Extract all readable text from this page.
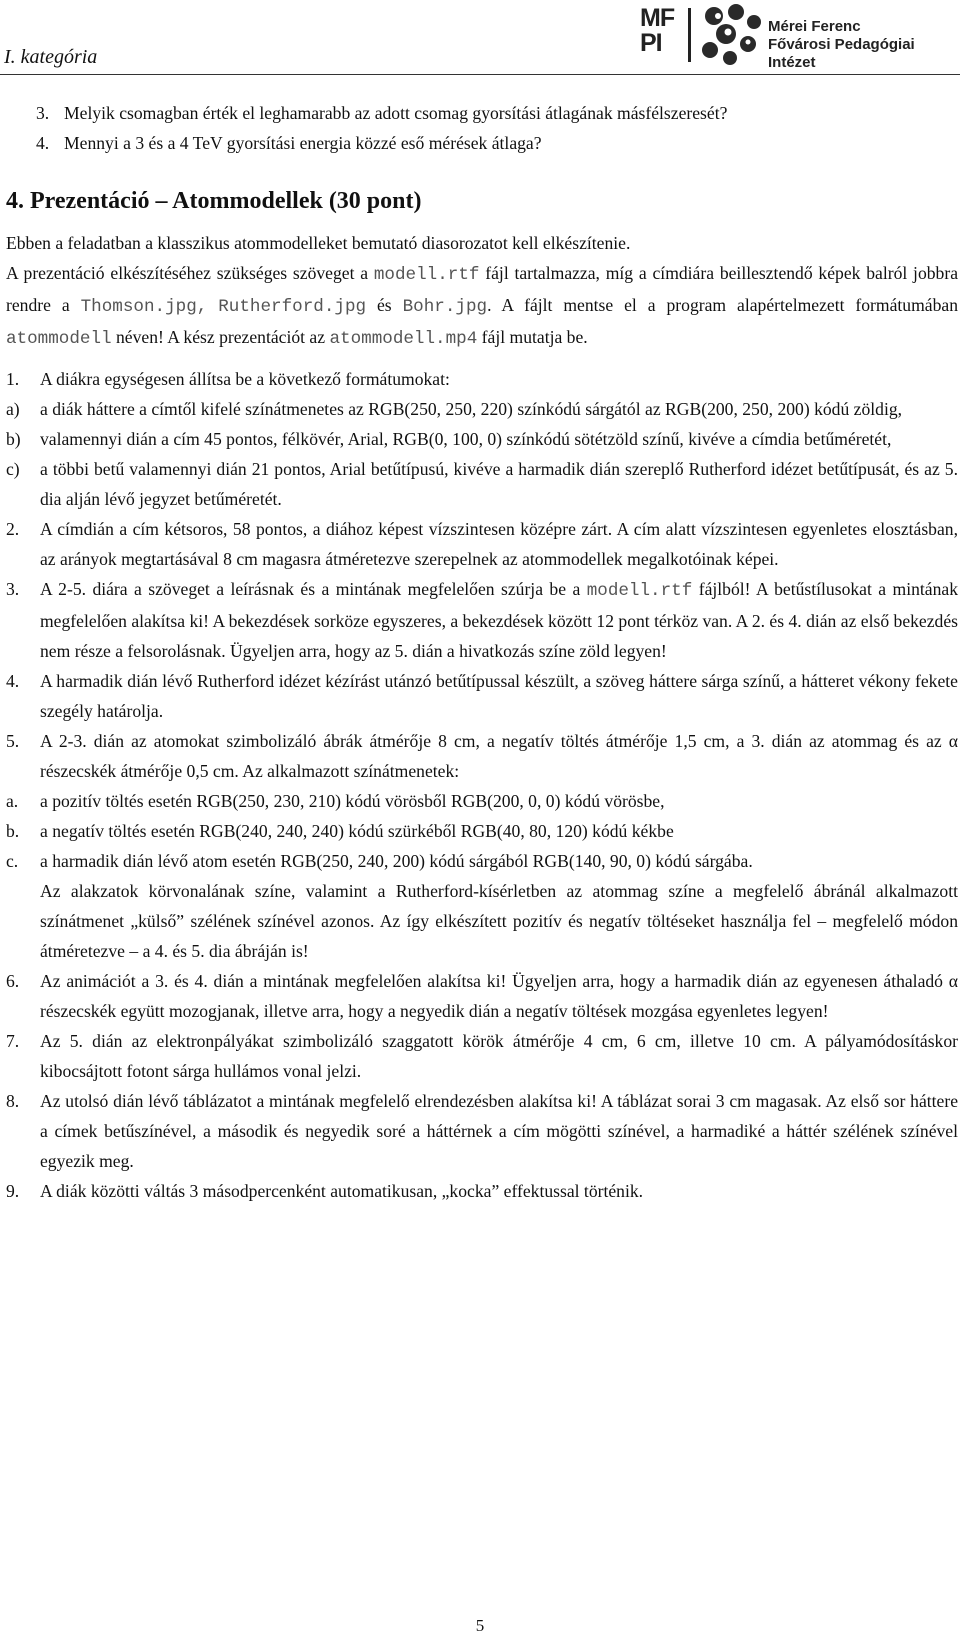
I. kategória
MF
PI
Mérei Ferenc
Fővárosi Pedagógiai Intézet
3. Melyik csomagban érték el leghamarabb az adott csomag gyorsítási átlagának másfélszeresét?
4. Mennyi a 3 és a 4 TeV gyorsítási energia közzé eső mérések átlaga?
4. Prezentáció – Atommodellek (30 pont)

Ebben a feladatban a klasszikus atommodelleket bemutató diasorozatot kell elkészítenie.

A prezentáció elkészítéséhez szükséges szöveget a modell.rtf fájl tartalmazza, míg a címdiára beillesztendő képek balról jobbra rendre a Thomson.jpg, Rutherford.jpg és Bohr.jpg. A fájlt mentse el a program alapértelmezett formátumában atommodell néven! A kész prezentációt az atommodell.mp4 fájl mutatja be.

1. A diákra egységesen állítsa be a következő formátumokat:
a) a diák háttere a címtől kifelé színátmenetes az RGB(250, 250, 220) színkódú sárgától az RGB(200, 250, 200) kódú zöldig,
b) valamennyi dián a cím 45 pontos, félkövér, Arial, RGB(0, 100, 0) színkódú sötétzöld színű, kivéve a címdia betűméretét,
c) a többi betű valamennyi dián 21 pontos, Arial betűtípusú, kivéve a harmadik dián szereplő Rutherford idézet betűtípusát, és az 5. dia alján lévő jegyzet betűméretét.
2. A címdián a cím kétsoros, 58 pontos, a diához képest vízszintesen középre zárt. A cím alatt vízszintesen egyenletes elosztásban, az arányok megtartásával 8 cm magasra átméretezve szerepelnek az atommodellek megalkotóinak képei.
3. A 2-5. diára a szöveget a leírásnak és a mintának megfelelően szúrja be a modell.rtf fájlból! A betűstílusokat a mintának megfelelően alakítsa ki! A bekezdések sorköze egyszeres, a bekezdések között 12 pont térköz van. A 2. és 4. dián az első bekezdés nem része a felsorolásnak. Ügyeljen arra, hogy az 5. dián a hivatkozás színe zöld legyen!
4. A harmadik dián lévő Rutherford idézet kézírást utánzó betűtípussal készült, a szöveg háttere sárga színű, a hátteret vékony fekete szegély határolja.
5. A 2-3. dián az atomokat szimbolizáló ábrák átmérője 8 cm, a negatív töltés átmérője 1,5 cm, a 3. dián az atommag és az α részecskék átmérője 0,5 cm. Az alkalmazott színátmenetek:
a. a pozitív töltés esetén RGB(250, 230, 210) kódú vörösből RGB(200, 0, 0) kódú vörösbe,
b. a negatív töltés esetén RGB(240, 240, 240) kódú szürkéből RGB(40, 80, 120) kódú kékbe
c. a harmadik dián lévő atom esetén RGB(250, 240, 200) kódú sárgából RGB(140, 90, 0) kódú sárgába.
Az alakzatok körvonalának színe, valamint a Rutherford-kísérletben az atommag színe a megfelelő ábránál alkalmazott színátmenet „külső” szélének színével azonos. Az így elkészített pozitív és negatív töltéseket használja fel – megfelelő módon átméretezve – a 4. és 5. dia ábráján is!
6. Az animációt a 3. és 4. dián a mintának megfelelően alakítsa ki! Ügyeljen arra, hogy a harmadik dián az egyenesen áthaladó α részecskék együtt mozogjanak, illetve arra, hogy a negyedik dián a negatív töltések mozgása egyenletes legyen!
7. Az 5. dián az elektronpályákat szimbolizáló szaggatott körök átmérője 4 cm, 6 cm, illetve 10 cm. A pályamódosításkor kibocsájtott fotont sárga hullámos vonal jelzi.
8. Az utolsó dián lévő táblázatot a mintának megfelelő elrendezésben alakítsa ki! A táblázat sorai 3 cm magasak. Az első sor háttere a címek betűszínével, a második és negyedik soré a háttérnek a cím mögötti színével, a harmadiké a háttér szélének színével egyezik meg.
9. A diák közötti váltás 3 másodpercenként automatikusan, „kocka” effektussal történik.
5
